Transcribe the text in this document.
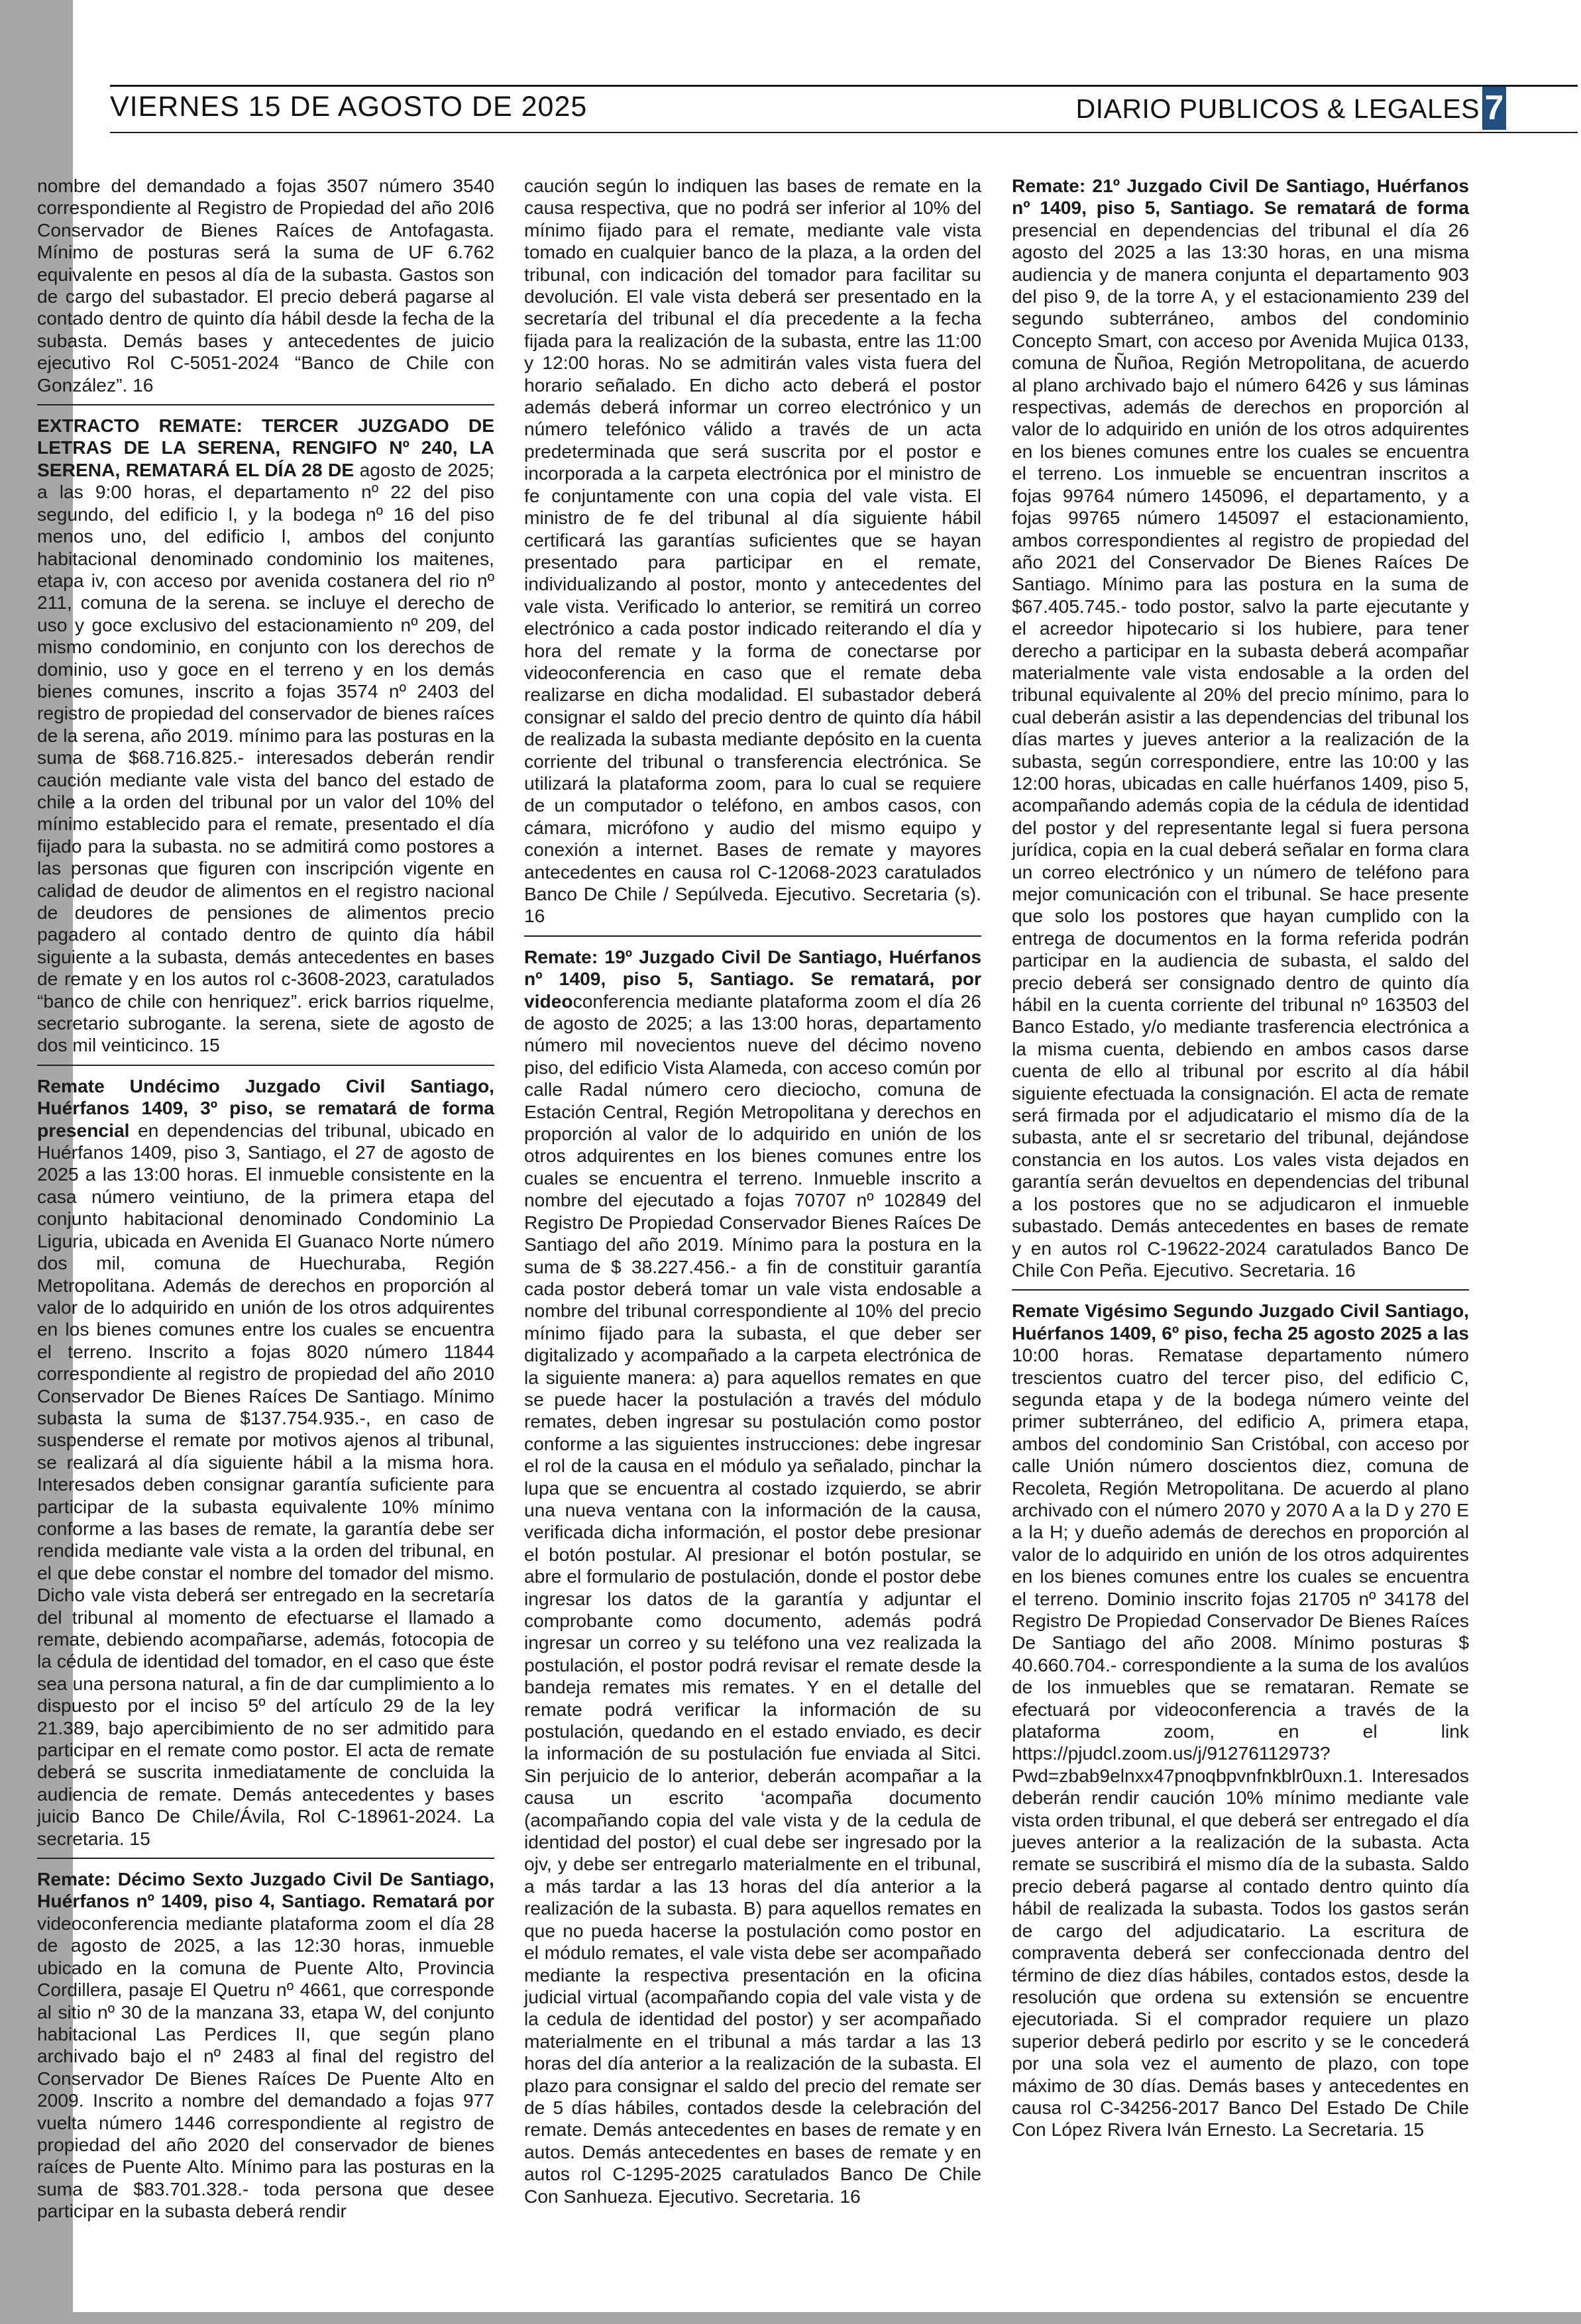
VIERNES 15 DE AGOSTO DE 2025	DIARIO PUBLICOS & LEGALES 7

nombre del demandado a fojas 3507 número 3540 correspondiente al Registro de Propiedad del año 20I6 Conservador de Bienes Raíces de Antofagasta. Mínimo de posturas será la suma de UF 6.762 equivalente en pesos al día de la subasta. Gastos son de cargo del subastador. El precio deberá pagarse al contado dentro de quinto día hábil desde la fecha de la subasta. Demás bases y antecedentes de juicio ejecutivo Rol C-5051-2024 “Banco de Chile con González”. 16

EXTRACTO REMATE: TERCER JUZGADO DE LETRAS DE LA SERENA, RENGIFO Nº 240, LA SERENA, REMATARÁ EL DÍA 28 DE agosto de 2025; a las 9:00 horas, el departamento nº 22 del piso segundo, del edificio l, y la bodega nº 16 del piso menos uno, del edificio l, ambos del conjunto habitacional denominado condominio los maitenes, etapa iv, con acceso por avenida costanera del rio nº 211, comuna de la serena. se incluye el derecho de uso y goce exclusivo del estacionamiento nº 209, del mismo condominio, en conjunto con los derechos de dominio, uso y goce en el terreno y en los demás bienes comunes, inscrito a fojas 3574 nº 2403 del registro de propiedad del conservador de bienes raíces de la serena, año 2019. mínimo para las posturas en la suma de $68.716.825.- interesados deberán rendir caución mediante vale vista del banco del estado de chile a la orden del tribunal por un valor del 10% del mínimo establecido para el remate, presentado el día fijado para la subasta. no se admitirá como postores a las personas que figuren con inscripción vigente en calidad de deudor de alimentos en el registro nacional de deudores de pensiones de alimentos precio pagadero al contado dentro de quinto día hábil siguiente a la subasta, demás antecedentes en bases de remate y en los autos rol c-3608-2023, caratulados “banco de chile con henriquez”. erick barrios riquelme, secretario subrogante. la serena, siete de agosto de dos mil veinticinco. 15

Remate Undécimo Juzgado Civil Santiago, Huérfanos 1409, 3º piso, se rematará de forma presencial en dependencias del tribunal, ubicado en Huérfanos 1409, piso 3, Santiago, el 27 de agosto de 2025 a las 13:00 horas. El inmueble consistente en la casa número veintiuno, de la primera etapa del conjunto habitacional denominado Condominio La Liguria, ubicada en Avenida El Guanaco Norte número dos mil, comuna de Huechuraba, Región Metropolitana. Además de derechos en proporción al valor de lo adquirido en unión de los otros adquirentes en los bienes comunes entre los cuales se encuentra el terreno. Inscrito a fojas 8020 número 11844 correspondiente al registro de propiedad del año 2010 Conservador De Bienes Raíces De Santiago. Mínimo subasta la suma de $137.754.935.-, en caso de suspenderse el remate por motivos ajenos al tribunal, se realizará al día siguiente hábil a la misma hora. Interesados deben consignar garantía suficiente para participar de la subasta equivalente 10% mínimo conforme a las bases de remate, la garantía debe ser rendida mediante vale vista a la orden del tribunal, en el que debe constar el nombre del tomador del mismo. Dicho vale vista deberá ser entregado en la secretaría del tribunal al momento de efectuarse el llamado a remate, debiendo acompañarse, además, fotocopia de la cédula de identidad del tomador, en el caso que éste sea una persona natural, a fin de dar cumplimiento a lo dispuesto por el inciso 5º del artículo 29 de la ley 21.389, bajo apercibimiento de no ser admitido para participar en el remate como postor. El acta de remate deberá se suscrita inmediatamente de concluida la audiencia de remate. Demás antecedentes y bases juicio Banco De Chile/Ávila, Rol C-18961-2024. La secretaria. 15

Remate: Décimo Sexto Juzgado Civil De Santiago, Huérfanos nº 1409, piso 4, Santiago. Rematará por videoconferencia mediante plataforma zoom el día 28 de agosto de 2025, a las 12:30 horas, inmueble ubicado en la comuna de Puente Alto, Provincia Cordillera, pasaje El Quetru nº 4661, que corresponde al sitio nº 30 de la manzana 33, etapa W, del conjunto habitacional Las Perdices II, que según plano archivado bajo el nº 2483 al final del registro del Conservador De Bienes Raíces De Puente Alto en 2009. Inscrito a nombre del demandado a fojas 977 vuelta número 1446 correspondiente al registro de propiedad del año 2020 del conservador de bienes raíces de Puente Alto. Mínimo para las posturas en la suma de $83.701.328.- toda persona que desee participar en la subasta deberá rendir

caución según lo indiquen las bases de remate en la causa respectiva, que no podrá ser inferior al 10% del mínimo fijado para el remate, mediante vale vista tomado en cualquier banco de la plaza, a la orden del tribunal, con indicación del tomador para facilitar su devolución. El vale vista deberá ser presentado en la secretaría del tribunal el día precedente a la fecha fijada para la realización de la subasta, entre las 11:00 y 12:00 horas. No se admitirán vales vista fuera del horario señalado. En dicho acto deberá el postor además deberá informar un correo electrónico y un número telefónico válido a través de un acta predeterminada que será suscrita por el postor e incorporada a la carpeta electrónica por el ministro de fe conjuntamente con una copia del vale vista. El ministro de fe del tribunal al día siguiente hábil certificará las garantías suficientes que se hayan presentado para participar en el remate, individualizando al postor, monto y antecedentes del vale vista. Verificado lo anterior, se remitirá un correo electrónico a cada postor indicado reiterando el día y hora del remate y la forma de conectarse por videoconferencia en caso que el remate deba realizarse en dicha modalidad. El subastador deberá consignar el saldo del precio dentro de quinto día hábil de realizada la subasta mediante depósito en la cuenta corriente del tribunal o transferencia electrónica. Se utilizará la plataforma zoom, para lo cual se requiere de un computador o teléfono, en ambos casos, con cámara, micrófono y audio del mismo equipo y conexión a internet. Bases de remate y mayores antecedentes en causa rol C-12068-2023 caratulados Banco De Chile / Sepúlveda. Ejecutivo. Secretaria (s). 16

Remate: 19º Juzgado Civil De Santiago, Huérfanos nº 1409, piso 5, Santiago. Se rematará, por videoconferencia mediante plataforma zoom el día 26 de agosto de 2025; a las 13:00 horas, departamento número mil novecientos nueve del décimo noveno piso, del edificio Vista Alameda, con acceso común por calle Radal número cero dieciocho, comuna de Estación Central, Región Metropolitana y derechos en proporción al valor de lo adquirido en unión de los otros adquirentes en los bienes comunes entre los cuales se encuentra el terreno. Inmueble inscrito a nombre del ejecutado a fojas 70707 nº 102849 del Registro De Propiedad Conservador Bienes Raíces De Santiago del año 2019. Mínimo para la postura en la suma de $ 38.227.456.- a fin de constituir garantía cada postor deberá tomar un vale vista endosable a nombre del tribunal correspondiente al 10% del precio mínimo fijado para la subasta, el que deber ser digitalizado y acompañado a la carpeta electrónica de la siguiente manera: a) para aquellos remates en que se puede hacer la postulación a través del módulo remates, deben ingresar su postulación como postor conforme a las siguientes instrucciones: debe ingresar el rol de la causa en el módulo ya señalado, pinchar la lupa que se encuentra al costado izquierdo, se abrir una nueva ventana con la información de la causa, verificada dicha información, el postor debe presionar el botón postular. Al presionar el botón postular, se abre el formulario de postulación, donde el postor debe ingresar los datos de la garantía y adjuntar el comprobante como documento, además podrá ingresar un correo y su teléfono una vez realizada la postulación, el postor podrá revisar el remate desde la bandeja remates mis remates. Y en el detalle del remate podrá verificar la información de su postulación, quedando en el estado enviado, es decir la información de su postulación fue enviada al Sitci. Sin perjuicio de lo anterior, deberán acompañar a la causa un escrito ‘acompaña documento (acompañando copia del vale vista y de la cedula de identidad del postor) el cual debe ser ingresado por la ojv, y debe ser entregarlo materialmente en el tribunal, a más tardar a las 13 horas del día anterior a la realización de la subasta. B) para aquellos remates en que no pueda hacerse la postulación como postor en el módulo remates, el vale vista debe ser acompañado mediante la respectiva presentación en la oficina judicial virtual (acompañando copia del vale vista y de la cedula de identidad del postor) y ser acompañado materialmente en el tribunal a más tardar a las 13 horas del día anterior a la realización de la subasta. El plazo para consignar el saldo del precio del remate ser de 5 días hábiles, contados desde la celebración del remate. Demás antecedentes en bases de remate y en autos. Demás antecedentes en bases de remate y en autos rol C-1295-2025 caratulados Banco De Chile Con Sanhueza. Ejecutivo. Secretaria. 16

Remate: 21º Juzgado Civil De Santiago, Huérfanos nº 1409, piso 5, Santiago. Se rematará de forma presencial en dependencias del tribunal el día 26 agosto del 2025 a las 13:30 horas, en una misma audiencia y de manera conjunta el departamento 903 del piso 9, de la torre A, y el estacionamiento 239 del segundo subterráneo, ambos del condominio Concepto Smart, con acceso por Avenida Mujica 0133, comuna de Ñuñoa, Región Metropolitana, de acuerdo al plano archivado bajo el número 6426 y sus láminas respectivas, además de derechos en proporción al valor de lo adquirido en unión de los otros adquirentes en los bienes comunes entre los cuales se encuentra el terreno. Los inmueble se encuentran inscritos a fojas 99764 número 145096, el departamento, y a fojas 99765 número 145097 el estacionamiento, ambos correspondientes al registro de propiedad del año 2021 del Conservador De Bienes Raíces De Santiago. Mínimo para las postura en la suma de $67.405.745.- todo postor, salvo la parte ejecutante y el acreedor hipotecario si los hubiere, para tener derecho a participar en la subasta deberá acompañar materialmente vale vista endosable a la orden del tribunal equivalente al 20% del precio mínimo, para lo cual deberán asistir a las dependencias del tribunal los días martes y jueves anterior a la realización de la subasta, según correspondiere, entre las 10:00 y las 12:00 horas, ubicadas en calle huérfanos 1409, piso 5, acompañando además copia de la cédula de identidad del postor y del representante legal si fuera persona jurídica, copia en la cual deberá señalar en forma clara un correo electrónico y un número de teléfono para mejor comunicación con el tribunal. Se hace presente que solo los postores que hayan cumplido con la entrega de documentos en la forma referida podrán participar en la audiencia de subasta, el saldo del precio deberá ser consignado dentro de quinto día hábil en la cuenta corriente del tribunal nº 163503 del Banco Estado, y/o mediante trasferencia electrónica a la misma cuenta, debiendo en ambos casos darse cuenta de ello al tribunal por escrito al día hábil siguiente efectuada la consignación. El acta de remate será firmada por el adjudicatario el mismo día de la subasta, ante el sr secretario del tribunal, dejándose constancia en los autos. Los vales vista dejados en garantía serán devueltos en dependencias del tribunal a los postores que no se adjudicaron el inmueble subastado. Demás antecedentes en bases de remate y en autos rol C-19622-2024 caratulados Banco De Chile Con Peña. Ejecutivo. Secretaria. 16

Remate Vigésimo Segundo Juzgado Civil Santiago, Huérfanos 1409, 6º piso, fecha 25 agosto 2025 a las 10:00 horas. Rematase departamento número trescientos cuatro del tercer piso, del edificio C, segunda etapa y de la bodega número veinte del primer subterráneo, del edificio A, primera etapa, ambos del condominio San Cristóbal, con acceso por calle Unión número doscientos diez, comuna de Recoleta, Región Metropolitana. De acuerdo al plano archivado con el número 2070 y 2070 A a la D y 270 E a la H; y dueño además de derechos en proporción al valor de lo adquirido en unión de los otros adquirentes en los bienes comunes entre los cuales se encuentra el terreno. Dominio inscrito fojas 21705 nº 34178 del Registro De Propiedad Conservador De Bienes Raíces De Santiago del año 2008. Mínimo posturas $ 40.660.704.- correspondiente a la suma de los avalúos de los inmuebles que se remataran. Remate se efectuará por videoconferencia a través de la plataforma zoom, en el link https://pjudcl.zoom.us/j/91276112973?Pwd=zbab9elnxx47pnoqbpvnfnkblr0uxn.1. Interesados deberán rendir caución 10% mínimo mediante vale vista orden tribunal, el que deberá ser entregado el día jueves anterior a la realización de la subasta. Acta remate se suscribirá el mismo día de la subasta. Saldo precio deberá pagarse al contado dentro quinto día hábil de realizada la subasta. Todos los gastos serán de cargo del adjudicatario. La escritura de compraventa deberá ser confeccionada dentro del término de diez días hábiles, contados estos, desde la resolución que ordena su extensión se encuentre ejecutoriada. Si el comprador requiere un plazo superior deberá pedirlo por escrito y se le concederá por una sola vez el aumento de plazo, con tope máximo de 30 días. Demás bases y antecedentes en causa rol C-34256-2017 Banco Del Estado De Chile Con López Rivera Iván Ernesto. La Secretaria. 15
